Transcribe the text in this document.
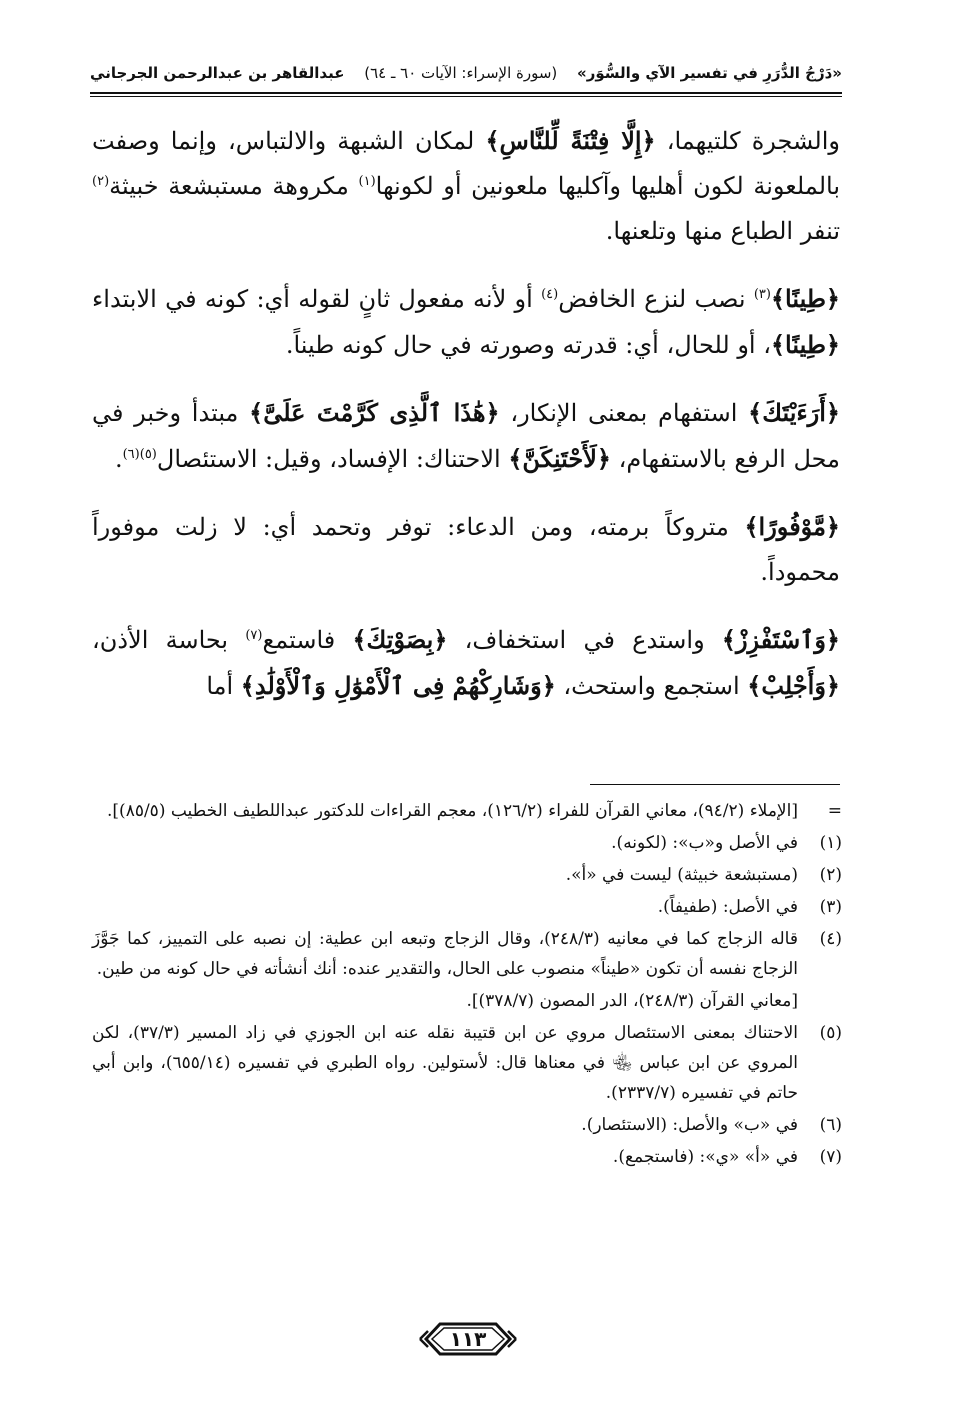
«دَرْجُ الدُّرَرِ في تفسير الآي والسُّوَر»
(سورة الإسراء: الآيات ٦٠ ـ ٦٤)
عبدالقاهر بن عبدالرحمن الجرجاني

والشجرة كلتيهما، ﴿إِلَّا فِتْنَةً لِّلنَّاسِ﴾ لمكان الشبهة والالتباس، وإنما وصفت بالملعونة لكون أهليها وآكليها ملعونين أو لكونها$^{(١)}$ مكروهة مستبشعة خبيثة$^{(٢)}$ تنفر الطباع منها وتلعنها.

﴿طِينًا﴾$^{(٣)}$ نصب لنزع الخافض$^{(٤)}$ أو لأنه مفعول ثانٍ لقوله أي: كونه في الابتداء ﴿طِينًا﴾، أو للحال، أي: قدرته وصورته في حال كونه طيناً.

﴿أَرَءَيْتَكَ﴾ استفهام بمعنى الإنكار، ﴿هَٰذَا ٱلَّذِى كَرَّمْتَ عَلَىَّ﴾ مبتدأ وخبر في محل الرفع بالاستفهام، ﴿لَأَحْتَنِكَنَّ﴾ الاحتناك: الإفساد، وقيل: الاستئصال$^{(٥)(٦)}$.

﴿مَّوْفُورًا﴾ متروكاً برمته، ومن الدعاء: توفر وتحمد أي: لا زلت موفوراً محموداً.

﴿وَٱسْتَفْزِزْ﴾ واستدع في استخفاف، ﴿بِصَوْتِكَ﴾ فاستمع$^{(٧)}$ بحاسة الأذن، ﴿وَأَجْلِبْ﴾ استجمع واستحث، ﴿وَشَارِكْهُمْ فِى ٱلْأَمْوَٰلِ وَٱلْأَوْلَٰدِ﴾ أما

=
[الإملاء (٩٤/٢)، معاني القرآن للفراء (١٢٦/٢)، معجم القراءات للدكتور عبداللطيف الخطيب (٨٥/٥)].
(١)
في الأصل و«ب»: (لكونه).
(٢)
(مستبشعة خبيثة) ليست في «أ».
(٣)
في الأصل: (طفيفاً).
(٤)
قاله الزجاج كما في معانيه (٢٤٨/٣)، وقال الزجاج وتبعه ابن عطية: إن نصبه على التمييز، كما جَوَّزَ الزجاج نفسه أن تكون «طيناً» منصوب على الحال، والتقدير عنده: أنك أنشأته في حال كونه من طين.
[معاني القرآن (٢٤٨/٣)، الدر المصون (٣٧٨/٧)].
(٥)
الاحتناك بمعنى الاستئصال مروي عن ابن قتيبة نقله عنه ابن الجوزي في زاد المسير (٣٧/٣)، لكن المروي عن ابن عباس ﵄ في معناها قال: لأستولين. رواه الطبري في تفسيره (٦٥٥/١٤)، وابن أبي حاتم في تفسيره (٢٣٣٧/٧).
(٦)
في «ب» والأصل: (الاستئصار).
(٧)
في «أ» «ي»: (فاستجمع).
١١٣
